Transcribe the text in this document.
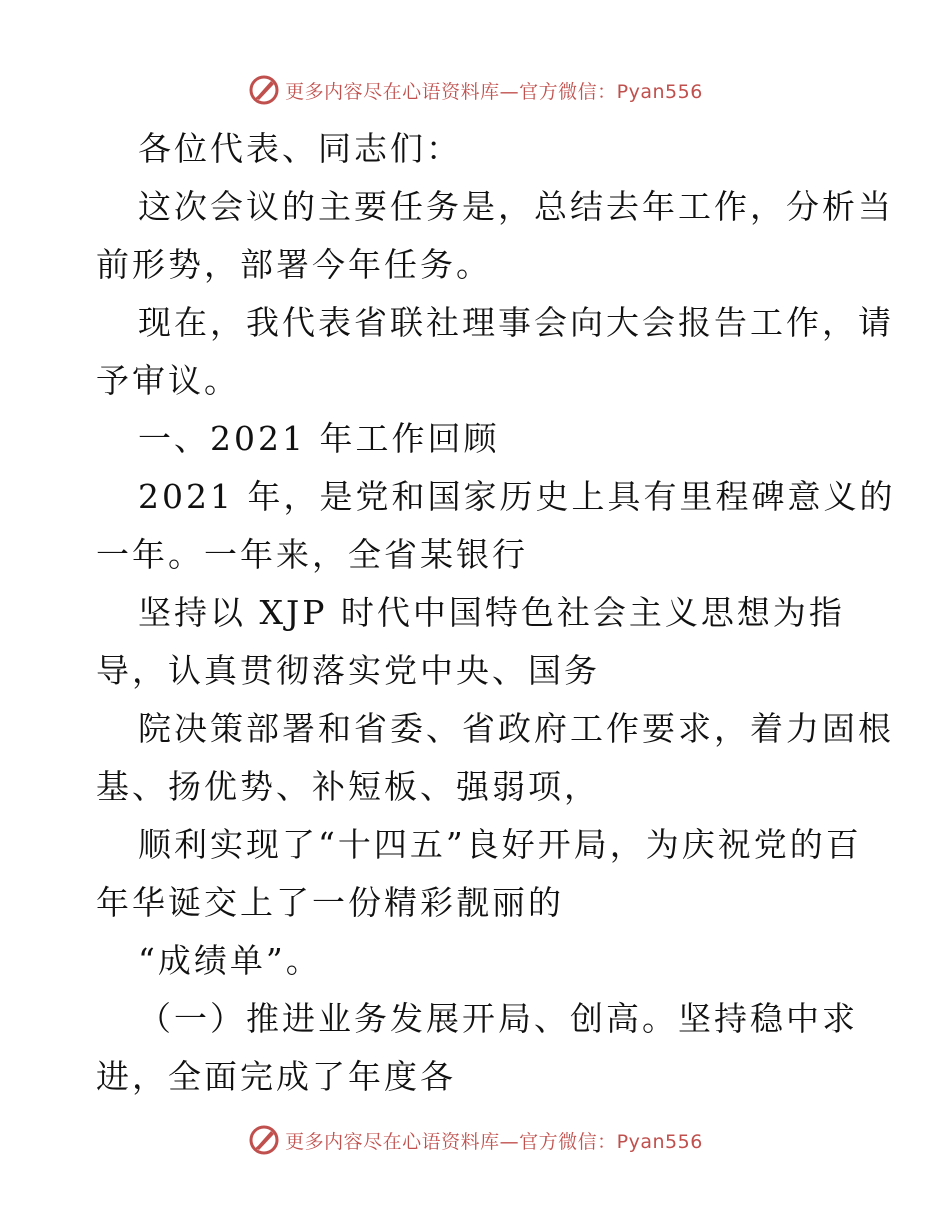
更多内容尽在心语资料库—官方微信：Pyan556
各位代表、同志们：
这次会议的主要任务是，总结去年工作，分析当
前形势，部署今年任务。
现在，我代表省联社理事会向大会报告工作，请
予审议。
一、2021 年工作回顾
2021 年，是党和国家历史上具有里程碑意义的
一年。一年来，全省某银行
坚持以 XJP 时代中国特色社会主义思想为指
导，认真贯彻落实党中央、国务
院决策部署和省委、省政府工作要求，着力固根
基、扬优势、补短板、强弱项，
顺利实现了“十四五”良好开局，为庆祝党的百
年华诞交上了一份精彩靓丽的
“成绩单”。
（一）推进业务发展开局、创高。坚持稳中求
进，全面完成了年度各
更多内容尽在心语资料库—官方微信：Pyan556
